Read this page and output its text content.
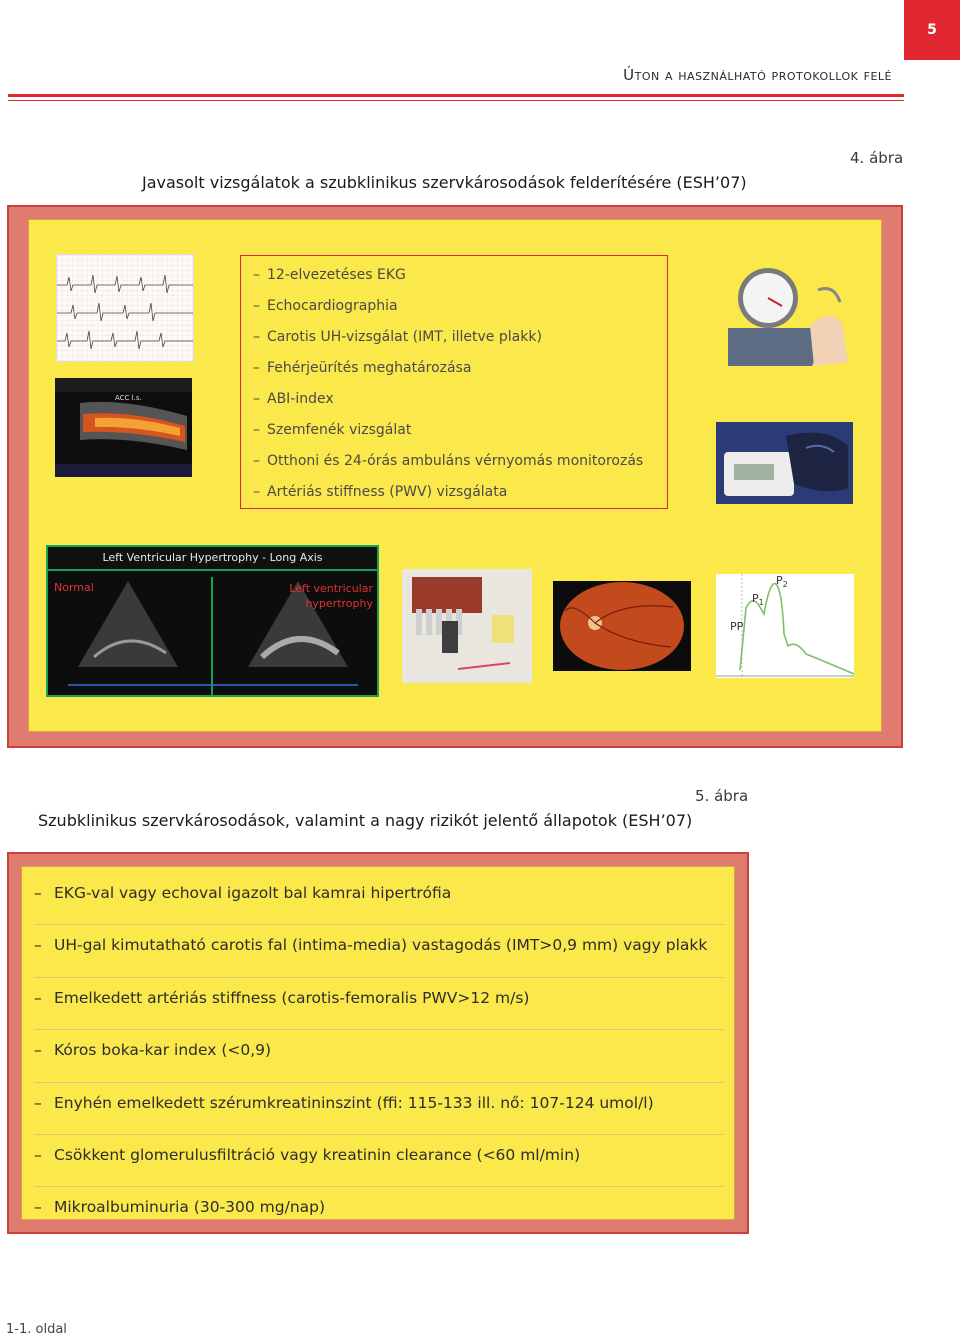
5
Úton a használható protokollok felé
4. ábra
Javasolt vizsgálatok a szubklinikus szervkárosodások felderítésére (ESH’07)
ACC l.s.
– 12-elvezetéses EKG
– Echocardiographia
– Carotis UH-vizsgálat (IMT, illetve plakk)
– Fehérjeürítés meghatározása
– ABI-index
– Szemfenék vizsgálat
– Otthoni és 24-órás ambuláns vérnyomás monitorozás
– Artériás stiffness (PWV) vizsgálata
Left Ventricular Hypertrophy - Long Axis
Normal	Left ventricular
hypertrophy	$P_1$
$P_2$
PP
5. ábra
Szubklinikus szervkárosodások, valamint a nagy rizikót jelentő állapotok (ESH’07)
– EKG-val vagy echoval igazolt bal kamrai hipertrófia
– UH-gal kimutatható carotis fal (intima-media) vastagodás (IMT>0,9 mm) vagy plakk
– Emelkedett artériás stiffness (carotis-femoralis PWV>12 m/s)
– Kóros boka-kar index (<0,9)
– Enyhén emelkedett szérumkreatininszint (ffi: 115-133 ill. nő: 107-124 umol/l)
– Csökkent glomerulusfiltráció vagy kreatinin clearance (<60 ml/min)
– Mikroalbuminuria (30-300 mg/nap)
1-1. oldal
